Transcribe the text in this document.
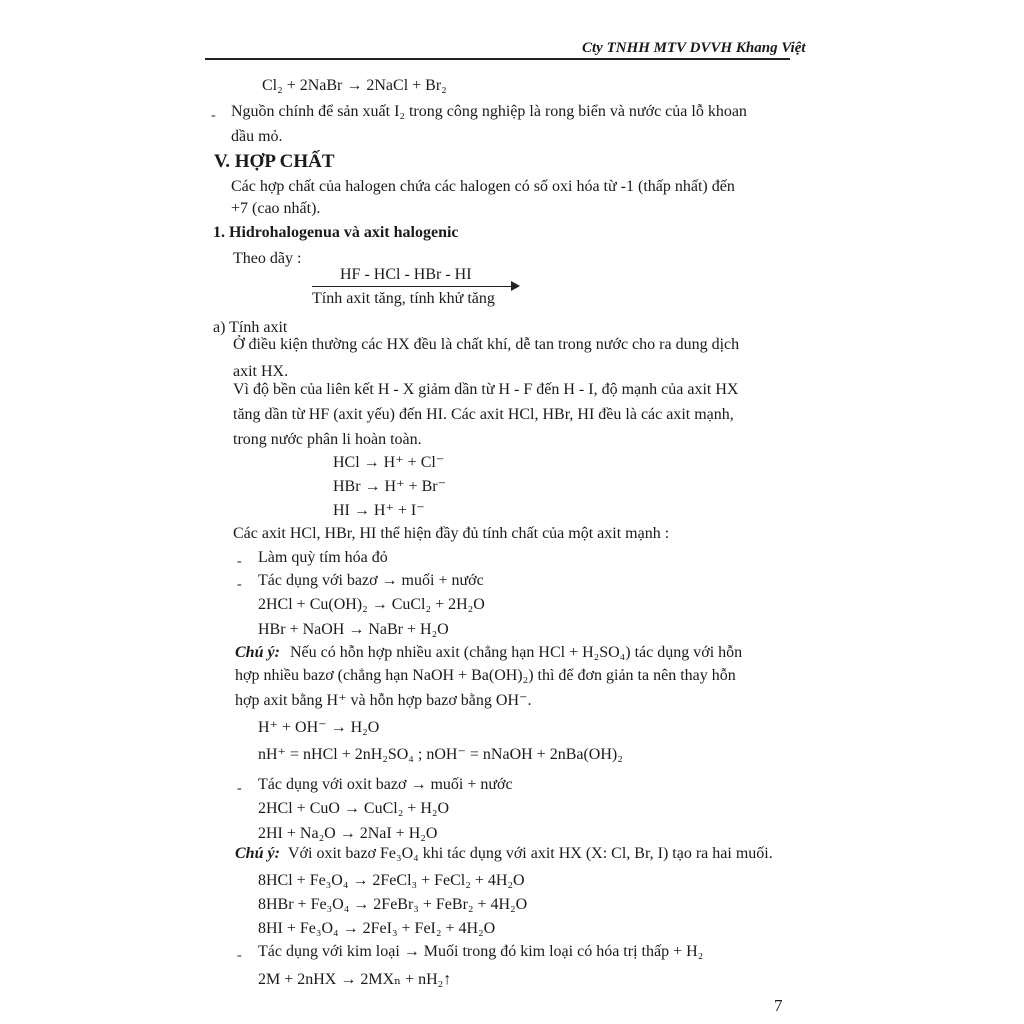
Cty TNHH MTV DVVH Khang Việt

Cl₂ + 2NaBr → 2NaCl + Br₂

- Nguồn chính để sản xuất I₂ trong công nghiệp là rong biển và nước của lỗ khoan

dầu mỏ.

V. HỢP CHẤT

Các hợp chất của halogen chứa các halogen có số oxi hóa từ -1 (thấp nhất) đến

+7 (cao nhất).

1. Hidrohalogenua và axit halogenic

Theo dãy :

HF - HCl - HBr - HI

Tính axit tăng, tính khử tăng

a) Tính axit

Ở điều kiện thường các HX đều là chất khí, dễ tan trong nước cho ra dung dịch

axit HX.

Vì độ bền của liên kết H - X giảm dần từ H - F đến H - I, độ mạnh của axit HX

tăng dần từ HF (axit yếu) đến HI. Các axit HCl, HBr, HI đều là các axit mạnh,

trong nước phân li hoàn toàn.

HCl → H⁺ + Cl⁻

HBr → H⁺ + Br⁻

HI → H⁺ + I⁻

Các axit HCl, HBr, HI thể hiện đầy đủ tính chất của một axit mạnh :

- Làm quỳ tím hóa đỏ

- Tác dụng với bazơ → muối + nước

2HCl + Cu(OH)₂ → CuCl₂ + 2H₂O

HBr + NaOH → NaBr + H₂O

Chú ý: Nếu có hỗn hợp nhiều axit (chẳng hạn HCl + H₂SO₄) tác dụng với hỗn

hợp nhiều bazơ (chẳng hạn NaOH + Ba(OH)₂) thì để đơn giản ta nên thay hỗn

hợp axit bằng H⁺ và hỗn hợp bazơ bằng OH⁻.

H⁺ + OH⁻ → H₂O

nH⁺ = nHCl + 2nH₂SO₄ ; nOH⁻ = nNaOH + 2nBa(OH)₂

- Tác dụng với oxit bazơ → muối + nước

2HCl + CuO → CuCl₂ + H₂O

2HI + Na₂O → 2NaI + H₂O

Chú ý: Với oxit bazơ Fe₃O₄ khi tác dụng với axit HX (X: Cl, Br, I) tạo ra hai muối.

8HCl + Fe₃O₄ → 2FeCl₃ + FeCl₂ + 4H₂O

8HBr + Fe₃O₄ → 2FeBr₃ + FeBr₂ + 4H₂O

8HI + Fe₃O₄ → 2FeI₃ + FeI₂ + 4H₂O

- Tác dụng với kim loại → Muối trong đó kim loại có hóa trị thấp + H₂

2M + 2nHX → 2MXₙ + nH₂↑

7
